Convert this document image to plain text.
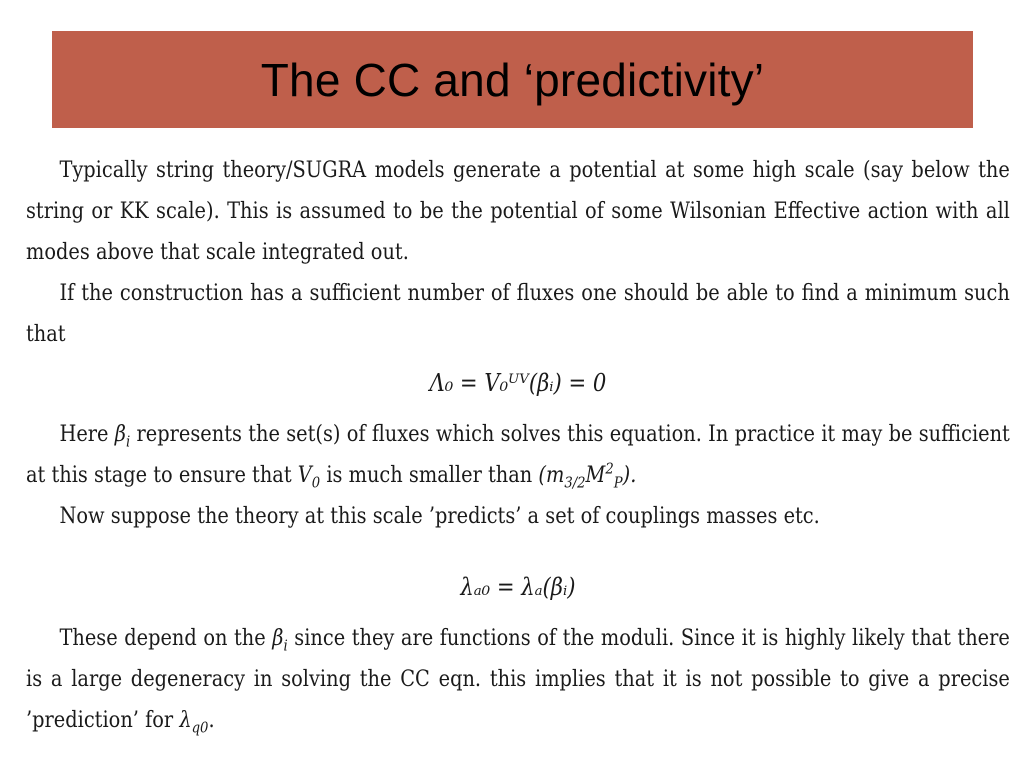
The CC and ‘predictivity’

Typically string theory/SUGRA models generate a potential at some high scale (say below the string or KK scale). This is assumed to be the potential of some Wilsonian Effective action with all modes above that scale integrated out.

If the construction has a sufficient number of fluxes one should be able to find a minimum such that

Λ₀ = V₀ᵁⱽ(βᵢ) = 0

Here $\beta_i$ represents the set(s) of fluxes which solves this equation. In practice it may be sufficient at this stage to ensure that $V_0$ is much smaller than $(m_{3/2}M^2_P)$.

Now suppose the theory at this scale ’predicts’ a set of couplings masses etc.

λₐ₀ = λₐ(βᵢ)

These depend on the $\beta_i$ since they are functions of the moduli. Since it is highly likely that there is a large degeneracy in solving the CC eqn. this implies that it is not possible to give a precise ’prediction’ for $\lambda_{q0}$.
